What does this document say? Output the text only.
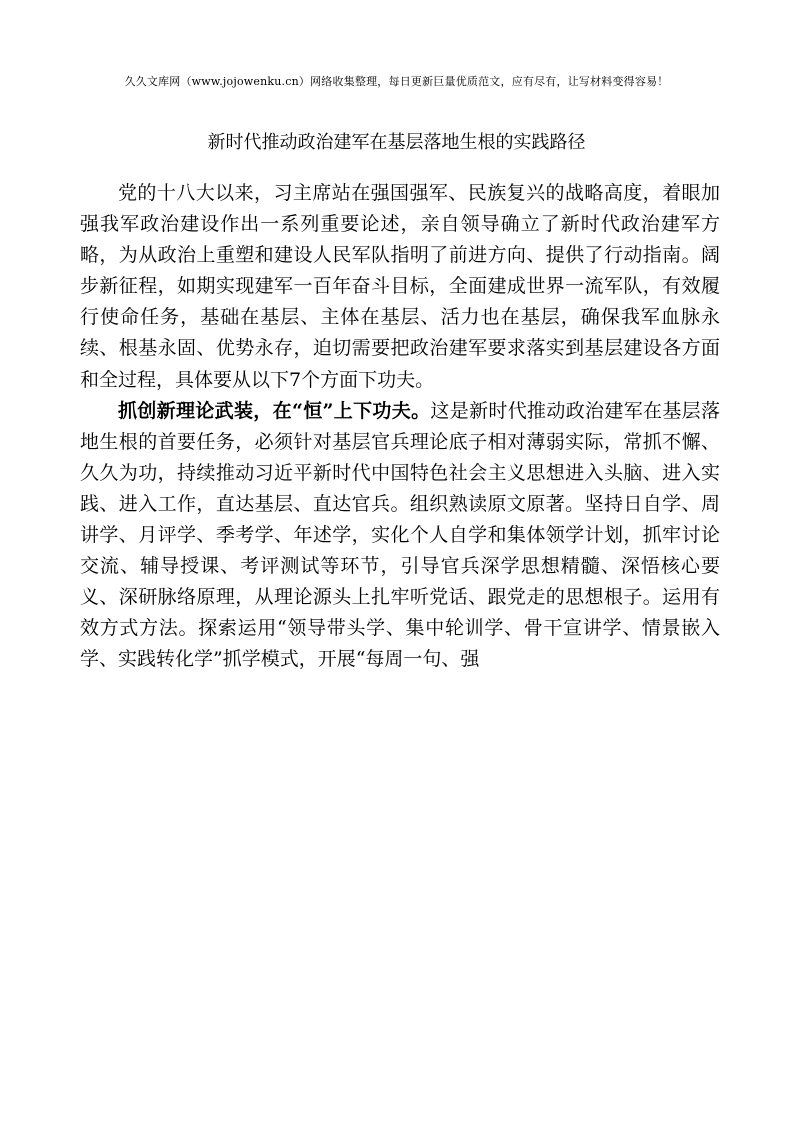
久久文库网（www.jojowenku.cn）网络收集整理，每日更新巨量优质范文，应有尽有，让写材料变得容易！
新时代推动政治建军在基层落地生根的实践路径

党的十八大以来，习主席站在强国强军、民族复兴的战略高度，着眼加强我军政治建设作出一系列重要论述，亲自领导确立了新时代政治建军方略，为从政治上重塑和建设人民军队指明了前进方向、提供了行动指南。阔步新征程，如期实现建军一百年奋斗目标，全面建成世界一流军队，有效履行使命任务，基础在基层、主体在基层、活力也在基层，确保我军血脉永续、根基永固、优势永存，迫切需要把政治建军要求落实到基层建设各方面和全过程，具体要从以下7个方面下功夫。

抓创新理论武装，在“恒”上下功夫。这是新时代推动政治建军在基层落地生根的首要任务，必须针对基层官兵理论底子相对薄弱实际，常抓不懈、久久为功，持续推动习近平新时代中国特色社会主义思想进入头脑、进入实践、进入工作，直达基层、直达官兵。组织熟读原文原著。坚持日自学、周讲学、月评学、季考学、年述学，实化个人自学和集体领学计划，抓牢讨论交流、辅导授课、考评测试等环节，引导官兵深学思想精髓、深悟核心要义、深研脉络原理，从理论源头上扎牢听党话、跟党走的思想根子。运用有效方式方法。探索运用“领导带头学、集中轮训学、骨干宣讲学、情景嵌入学、实践转化学”抓学模式，开展“每周一句、强
